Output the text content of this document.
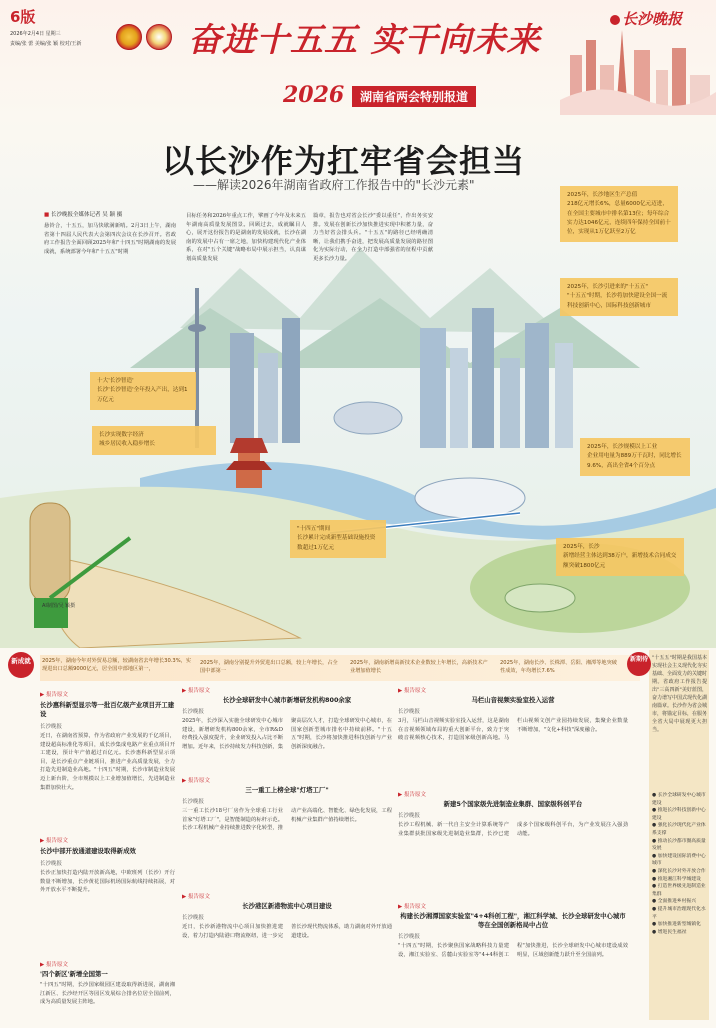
6版
2026年2月4日 星期三
责编/张 蕾 美编/张 颖 校对/王新	奋进十五五 实干向未来
长沙晚报
2026	湖南省两会特别报道
以长沙作为扛牢省会担当
——解读2026年湖南省政府工作报告中的"长沙元素"
■ 长沙晚报全媒体记者 吴 颖 摄
悬铃合，十五五，加马快歇满新哨。2月3日上午，湖南省第十四届人民代表大会第四次会议在长沙召开。省政府工作报告全面回顾2025年和"十四五"时期湖南的发展成就，系统部署今年和"十五五"时期
目标任务和2026年重点工作，擘画了今年及未来五年湖南高质量发展图景。回顾过去，成就瞩目人心，展开这份报告的是湖南的发展成就，长沙在湖南的发展中占有一席之地，加快构建现代化产业体系，在对"五个关键"战略布局中展示担当，认真谋划高质量发展
篇章，报告也对省会长沙"委以重任"，作出务实安排。发展在创新长沙加快推进实现中积蓄力量，奋力当好省会排头兵。"十五五"的路径已经明确清晰，让我们携手奋进，把发展高质量发展的路径图化为实际行动，在全力打造中部强省的征程中贡献更多长沙力量。
2025年，长沙地区生产总值
218亿元增长6%，总量6000亿元迈进，在全国主要城市中排名第13位；每年综合实力达1046亿元，连续四年保持全国前十位，实现从1万亿跃至2万亿
2025年，长沙引进来的"十五五"
"十五五"时期，长沙将加快建设全国一流科技创新中心，国际科技创新城市
十大'长沙智造'
长沙'长沙智造'全年投入产出，达到1万亿元
长沙实现数字经济
城乡居民收入稳步增长
"十四五"期间
长沙累计完成新型基础设施投资数超过1万亿元
2025年，长沙规模以上工业
企业用电量为889万千瓦时，同比增长9.6%，高出全省4个百分点
2025年，长沙
新增经营主体达到38万户，新增技术合同成交额突破1800亿元
AI制图/吴 颖摄
新成就	2025年，湖南今年对外贸易总额，较湖南省去年增长30.3%，实现进出口总额9000亿元，居全国中部地区第一，
2025年，湖南分别提升外贸进出口总额，较上年增长，占全国中部第一
2025年，湖南新增高新技术企业数较上年增长，高新技术产业增加值增长
新期待 "十五五"时期是我国基本实现社会主义现代化夯实基础、全面发力的关键时期。省政府工作报告提出"三高四新"美好蓝图，奋力谱写中国式现代化湖南篇章。长沙作为省会城市，将锚定目标，在服务全省大局中展现更大担当。
● 长沙全球研发中心城市建设
● 推进长沙科技创新中心建设
● 强化长沙现代化产业体系支撑
● 推动长沙都市圈高质量发展
● 加快建设国际消费中心城市
● 深化长沙对外开放合作
● 推进湘江科学城建设
● 打造世界级先进制造业集群
● 全面推进乡村振兴
● 提升城市治理现代化水平
● 加快推进新型城镇化
● 增进民生福祉
▶ 报告原文
长沙惠科新型显示等一批百亿级产业项目开工建设
长沙晚报
近日，在湖南省预算，作为省政府产业发展的千亿项目，建设超高标准化等项目，成长沙集成电路产业重点项目开工建设，预计年产值超过百亿元。长沙惠科新型显示项目，是长沙重点产业链项目，推进产业高质量发展，全力打造先进制造业高地。"十四五"时期，长沙市制造业发展迈上新台阶，全市规模以上工业增加值增长，先进制造业集群加快壮大。
▶ 报告原文
长沙中部开放通道建设取得新成效
长沙晚报
长沙正加快打造内陆开放新高地，中欧班列（长沙）开行数量不断增加，长沙黄花国际机场国际航线持续拓展，对外开放水平不断提升。
▶ 报告原文
长沙全球研发中心城市新增研发机构800余家
长沙晚报
2025年，长沙深入实施全球研发中心城市建设，新增研发机构800余家，全市R&D经费投入强度提升，企业研发投入占比不断增加。近年来，长沙持续发力科技创新，集聚高层次人才，打造全球研发中心城市，在国家创新型城市排名中持续前移。"十五五"时期，长沙将加快推进科技创新与产业创新深度融合。
▶ 报告原文
三一重工上榜全球"灯塔工厂"
长沙晚报
三一重工长沙18号厂房作为全球重工行业首家"灯塔工厂"，是智能制造的标杆示范。长沙工程机械产业持续推进数字化转型，推动产业高端化、智能化、绿色化发展，工程机械产业集群产值持续增长。
▶ 报告原文
长沙港区新港物流中心项目建设
长沙晚报
近日，长沙新港物流中心项目加快推进建设，着力打造内陆港口物流枢纽，进一步完善长沙现代物流体系，助力湖南对外开放通道建设。
▶ 报告原文
马栏山音视频实验室投入运营
长沙晚报
3月，马栏山音视频实验室投入运营，这是湖南在音视频领域布局的重大创新平台，致力于突破音视频核心技术，打造国家级创新高地。马栏山视频文创产业园持续发展，集聚企业数量不断增加，"文化+科技"深度融合。
▶ 报告原文
新建5个国家级先进制造业集群、国家级科创平台
长沙晚报
长沙工程机械、新一代自主安全计算系统等产业集群获批国家级先进制造业集群，长沙已建成多个国家级科创平台，为产业发展注入强劲动能。
▶ 报告原文
构建长沙湘潭国家实验室"4+4科创工程"，湘江科学城、长沙全球研发中心城市等在全国创新格局中占位
长沙晚报
"十四五"时期，长沙聚焦国家战略科技力量建设，湘江实验室、岳麓山实验室等"4+4科创工程"加快推进，长沙全球研发中心城市建设成效明显，区域创新能力跃升至全国前列。
▶ 报告原文
'四个新区'新增全国第一
"十四五"时期，长沙国家级园区建设取得新进展，湖南湘江新区、长沙经开区等园区发展综合排名位居全国前列，成为高质量发展主阵地。
2025年，湖南长沙、长株潭、岳阳、湘潭等地突破性成效，年均增长7.6%
